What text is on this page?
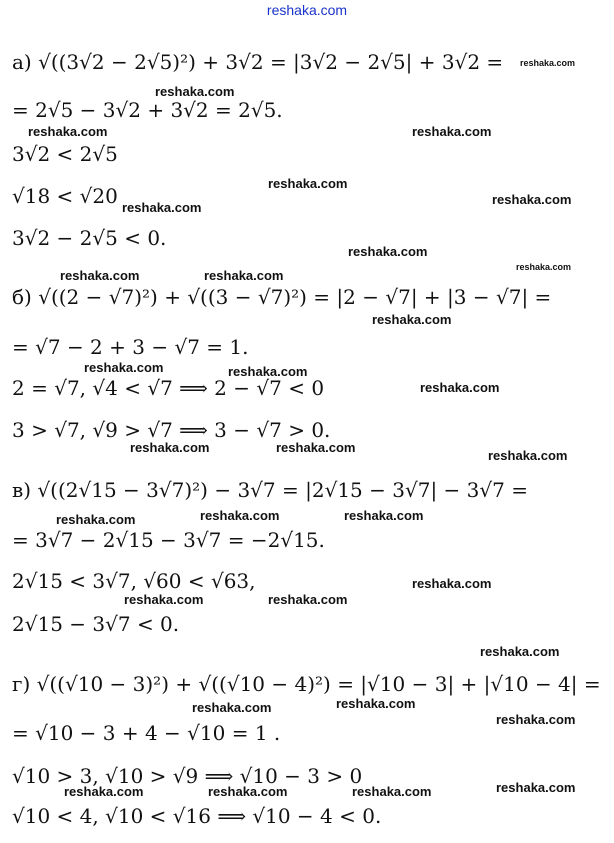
reshaka.com
а) √((3√2 − 2√5)²) + 3√2 = |3√2 − 2√5| + 3√2 =
= 2√5 − 3√2 + 3√2 = 2√5.
3√2 < 2√5
√18 < √20
3√2 − 2√5 < 0.
б) √((2 − √7)²) + √((3 − √7)²) = |2 − √7| + |3 − √7| =
= √7 − 2 + 3 − √7 = 1.
2 = √7, √4 < √7 ⟹ 2 − √7 < 0
3 > √7, √9 > √7 ⟹ 3 − √7 > 0.
в) √((2√15 − 3√7)²) − 3√7 = |2√15 − 3√7| − 3√7 =
= 3√7 − 2√15 − 3√7 = −2√15.
2√15 < 3√7, √60 < √63,
2√15 − 3√7 < 0.
г) √((√10 − 3)²) + √((√10 − 4)²) = |√10 − 3| + |√10 − 4| =
= √10 − 3 + 4 − √10 = 1 .
√10 > 3, √10 > √9 ⟹ √10 − 3 > 0
√10 < 4, √10 < √16 ⟹ √10 − 4 < 0.
reshaka.com
reshaka.com
reshaka.com	reshaka.com
reshaka.com
reshaka.com
reshaka.com
reshaka.com
reshaka.com
reshaka.com	reshaka.com
reshaka.com
reshaka.com	reshaka.com
reshaka.com
reshaka.com	reshaka.com
reshaka.com
reshaka.com	reshaka.com
reshaka.com
reshaka.com
reshaka.com	reshaka.com
reshaka.com
reshaka.com	reshaka.com
reshaka.com
reshaka.com
reshaka.com	reshaka.com	reshaka.com
